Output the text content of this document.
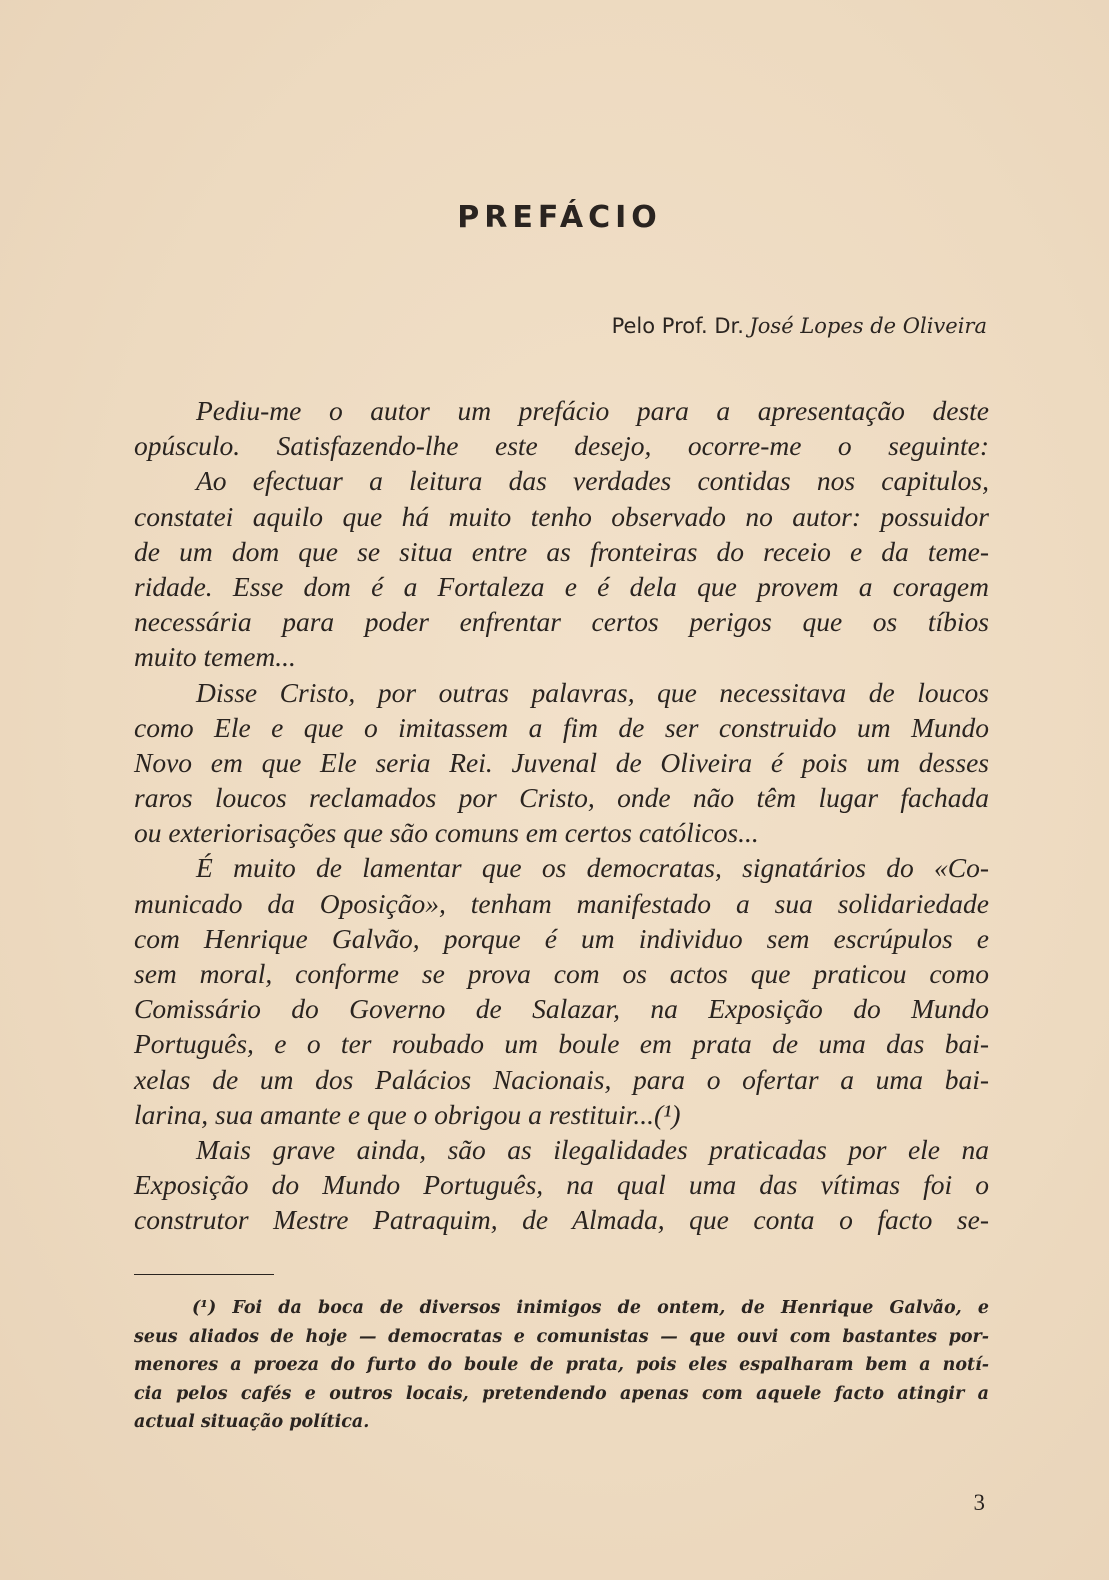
PREFÁCIO
Pelo Prof. Dr. José Lopes de Oliveira
Pediu-me o autor um prefácio para a apresentação deste
opúsculo. Satisfazendo-lhe este desejo, ocorre-me o seguinte:
Ao efectuar a leitura das verdades contidas nos capitulos,
constatei aquilo que há muito tenho observado no autor: possuidor
de um dom que se situa entre as fronteiras do receio e da teme-
ridade. Esse dom é a Fortaleza e é dela que provem a coragem
necessária para poder enfrentar certos perigos que os tíbios
muito temem...
Disse Cristo, por outras palavras, que necessitava de loucos
como Ele e que o imitassem a fim de ser construido um Mundo
Novo em que Ele seria Rei. Juvenal de Oliveira é pois um desses
raros loucos reclamados por Cristo, onde não têm lugar fachada
ou exteriorisações que são comuns em certos católicos...
É muito de lamentar que os democratas, signatários do «Co-
municado da Oposição», tenham manifestado a sua solidariedade
com Henrique Galvão, porque é um individuo sem escrúpulos e
sem moral, conforme se prova com os actos que praticou como
Comissário do Governo de Salazar, na Exposição do Mundo
Português, e o ter roubado um boule em prata de uma das bai-
xelas de um dos Palácios Nacionais, para o ofertar a uma bai-
larina, sua amante e que o obrigou a restituir...(¹)
Mais grave ainda, são as ilegalidades praticadas por ele na
Exposição do Mundo Português, na qual uma das vítimas foi o
construtor Mestre Patraquim, de Almada, que conta o facto se-
(¹) Foi da boca de diversos inimigos de ontem, de Henrique Galvão, e
seus aliados de hoje — democratas e comunistas — que ouvi com bastantes por-
menores a proeza do furto do boule de prata, pois eles espalharam bem a notí-
cia pelos cafés e outros locais, pretendendo apenas com aquele facto atingir a
actual situação política.
3
